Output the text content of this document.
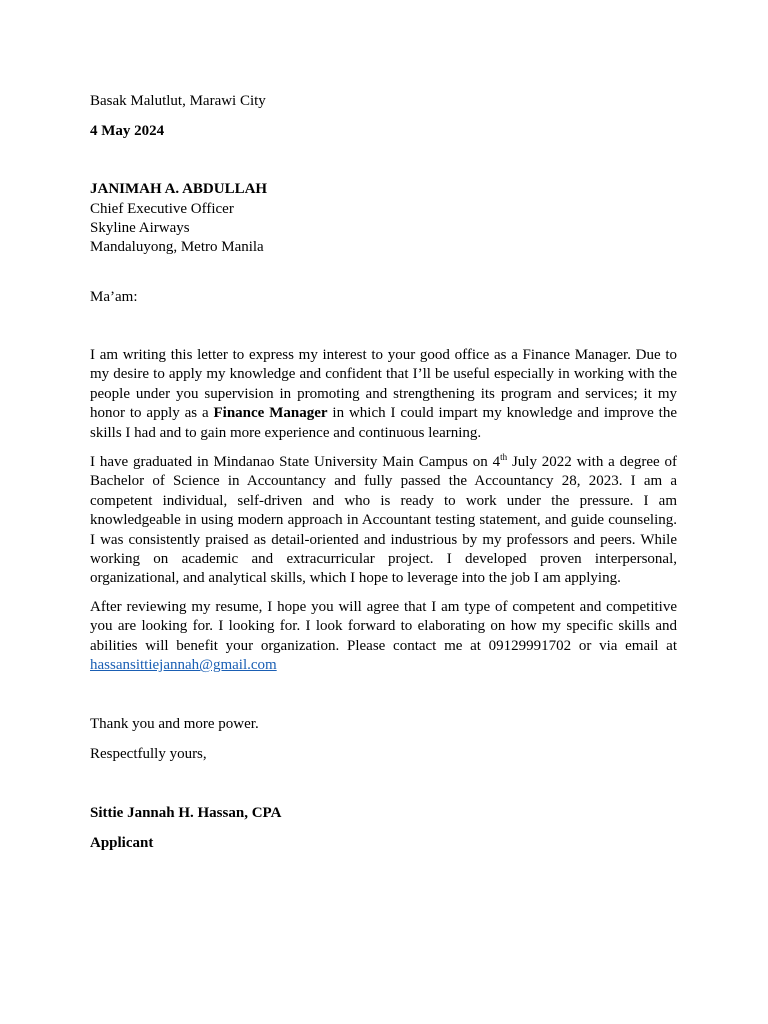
Basak Malutlut, Marawi City
4 May 2024
JANIMAH A. ABDULLAH
Chief Executive Officer
Skyline Airways
Mandaluyong, Metro Manila
Ma’am:

I am writing this letter to express my interest to your good office as a Finance Manager. Due to my desire to apply my knowledge and confident that I’ll be useful especially in working with the people under you supervision in promoting and strengthening its program and services; it my honor to apply as a Finance Manager in which I could impart my knowledge and improve the skills I had and to gain more experience and continuous learning.

I have graduated in Mindanao State University Main Campus on 4th July 2022 with a degree of Bachelor of Science in Accountancy and fully passed the Accountancy 28, 2023. I am a competent individual, self-driven and who is ready to work under the pressure. I am knowledgeable in using modern approach in Accountant testing statement, and guide counseling. I was consistently praised as detail-oriented and industrious by my professors and peers. While working on academic and extracurricular project. I developed proven interpersonal, organizational, and analytical skills, which I hope to leverage into the job I am applying.

After reviewing my resume, I hope you will agree that I am type of competent and competitive you are looking for. I looking for. I look forward to elaborating on how my specific skills and abilities will benefit your organization. Please contact me at 09129991702 or via email at hassansittiejannah@gmail.com

Thank you and more power.
Respectfully yours,
Sittie Jannah H. Hassan, CPA
Applicant
